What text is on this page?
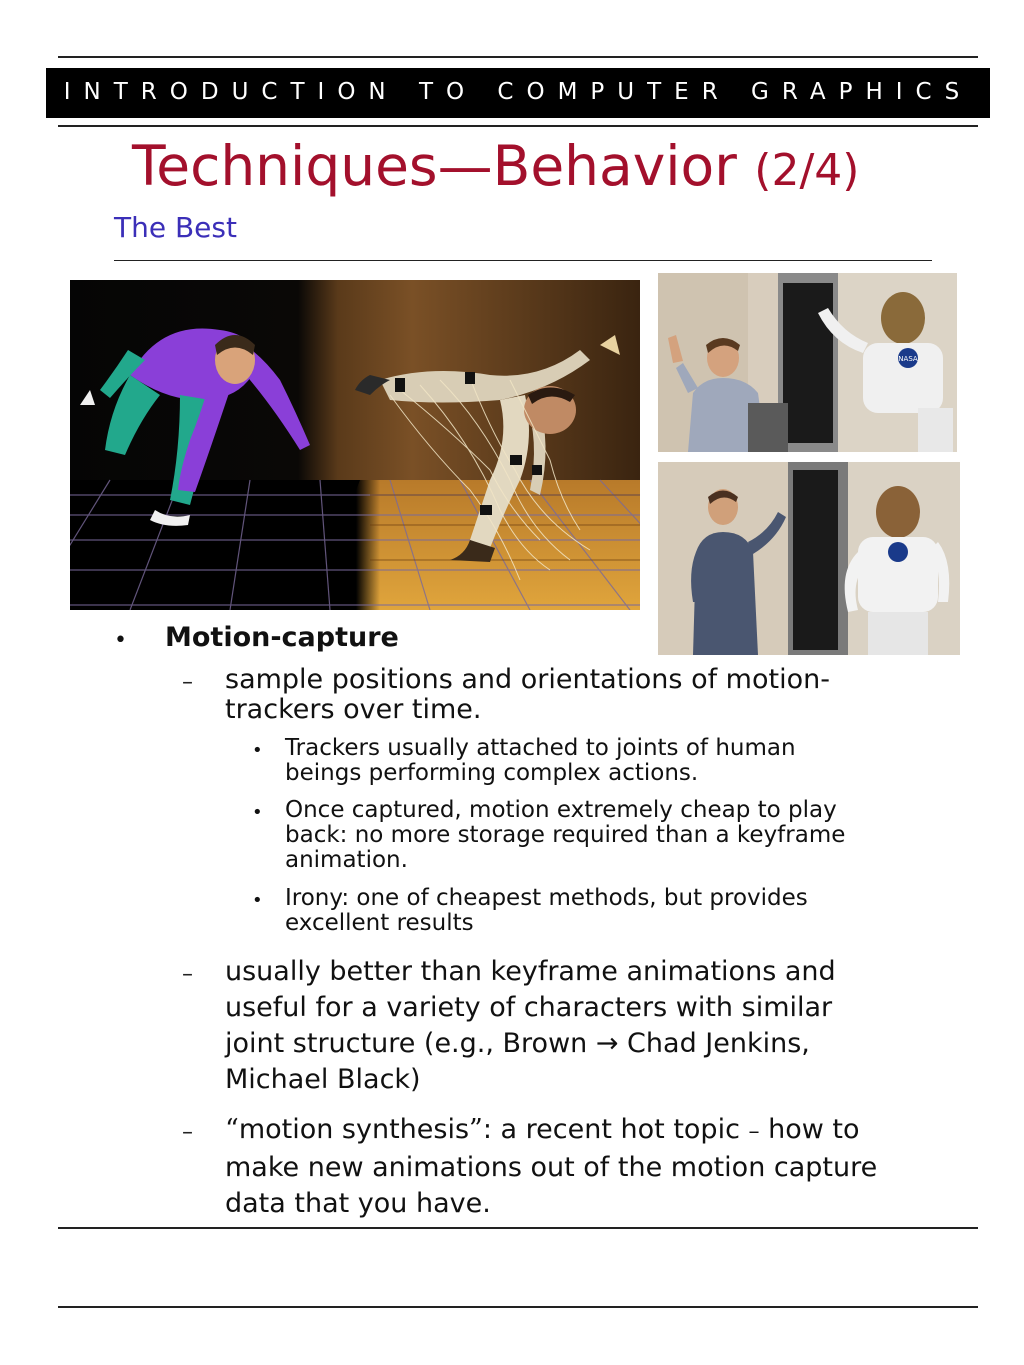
INTRODUCTION TO COMPUTER GRAPHICS
Techniques—Behavior (2/4)
The Best
NASA
• Motion-capture
– sample positions and orientations of motion-
trackers over time.
• Trackers usually attached to joints of human
beings performing complex actions.
• Once captured, motion extremely cheap to play
back: no more storage required than a keyframe
animation.
• Irony: one of cheapest methods, but provides
excellent results
– usually better than keyframe animations and
useful for a variety of characters with similar
joint structure (e.g., Brown → Chad Jenkins,
Michael Black)
– “motion synthesis”: a recent hot topic – how to
make new animations out of the motion capture
data that you have.
